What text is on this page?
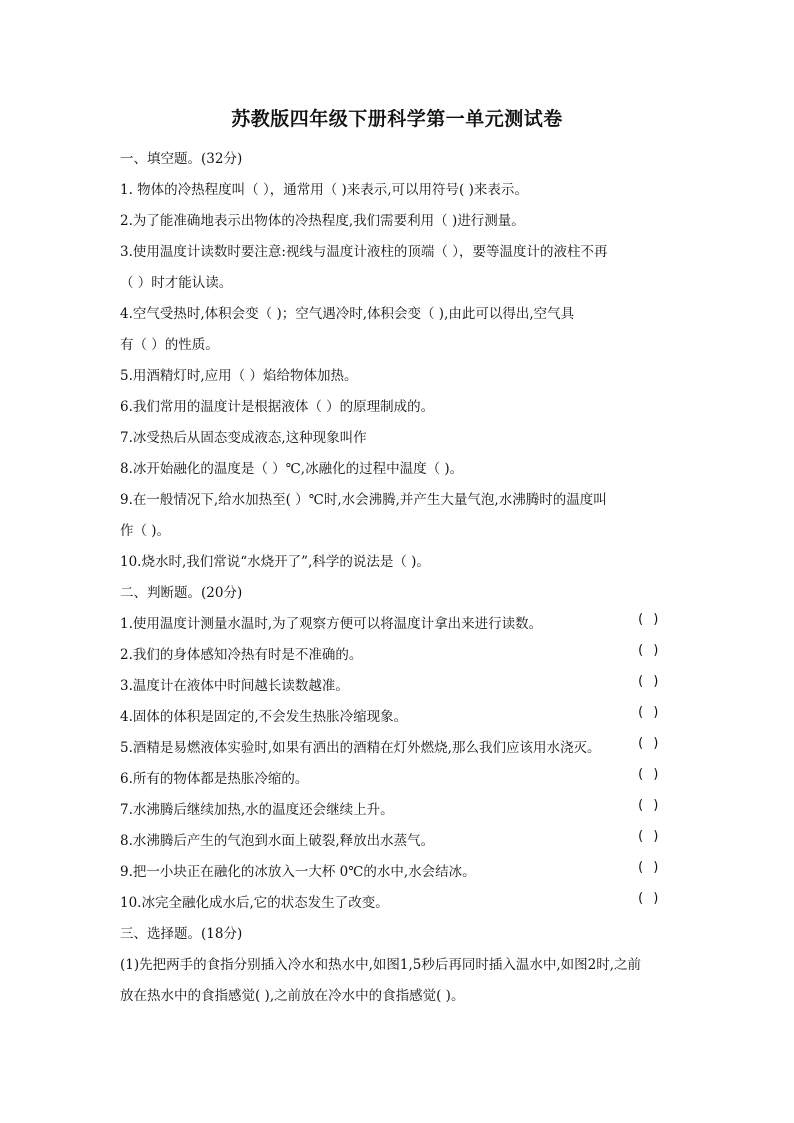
苏教版四年级下册科学第一单元测试卷
一、填空题。(32分)
1. 物体的冷热程度叫（ ），通常用（ )来表示,可以用符号( )来表示。
2.为了能准确地表示出物体的冷热程度,我们需要利用（ )进行测量。
3.使用温度计读数时要注意:视线与温度计液柱的顶端（ ），要等温度计的液柱不再
（ ）时才能认读。
4.空气受热时,体积会变（ )；空气遇冷时,体积会变（ ),由此可以得出,空气具
有（ ）的性质。
5.用酒精灯时,应用（ ）焰给物体加热。
6.我们常用的温度计是根据液体（ ）的原理制成的。
7.冰受热后从固态变成液态,这种现象叫作
8.冰开始融化的温度是（ ）℃,冰融化的过程中温度（ )。
9.在一般情况下,给水加热至( ）℃时,水会沸腾,并产生大量气泡,水沸腾时的温度叫
作（ )。
10.烧水时,我们常说“水烧开了”,科学的说法是（ )。
二、判断题。(20分)
1.使用温度计测量水温时,为了观察方便可以将温度计拿出来进行读数。	( )
2.我们的身体感知冷热有时是不准确的。	( )
3.温度计在液体中时间越长读数越准。	( )
4.固体的体积是固定的,不会发生热胀冷缩现象。	( )
5.酒精是易燃液体实验时,如果有洒出的酒精在灯外燃烧,那么我们应该用水浇灭。	( )
6.所有的物体都是热胀冷缩的。	( )
7.水沸腾后继续加热,水的温度还会继续上升。	( )
8.水沸腾后产生的气泡到水面上破裂,释放出水蒸气。	( )
9.把一小块正在融化的冰放入一大杯 0℃的水中,水会结冰。	( )
10.冰完全融化成水后,它的状态发生了改变。	( )
三、选择题。(18分)
(1)先把两手的食指分别插入冷水和热水中,如图1,5秒后再同时插入温水中,如图2时,之前
放在热水中的食指感觉( ),之前放在冷水中的食指感觉( )。
